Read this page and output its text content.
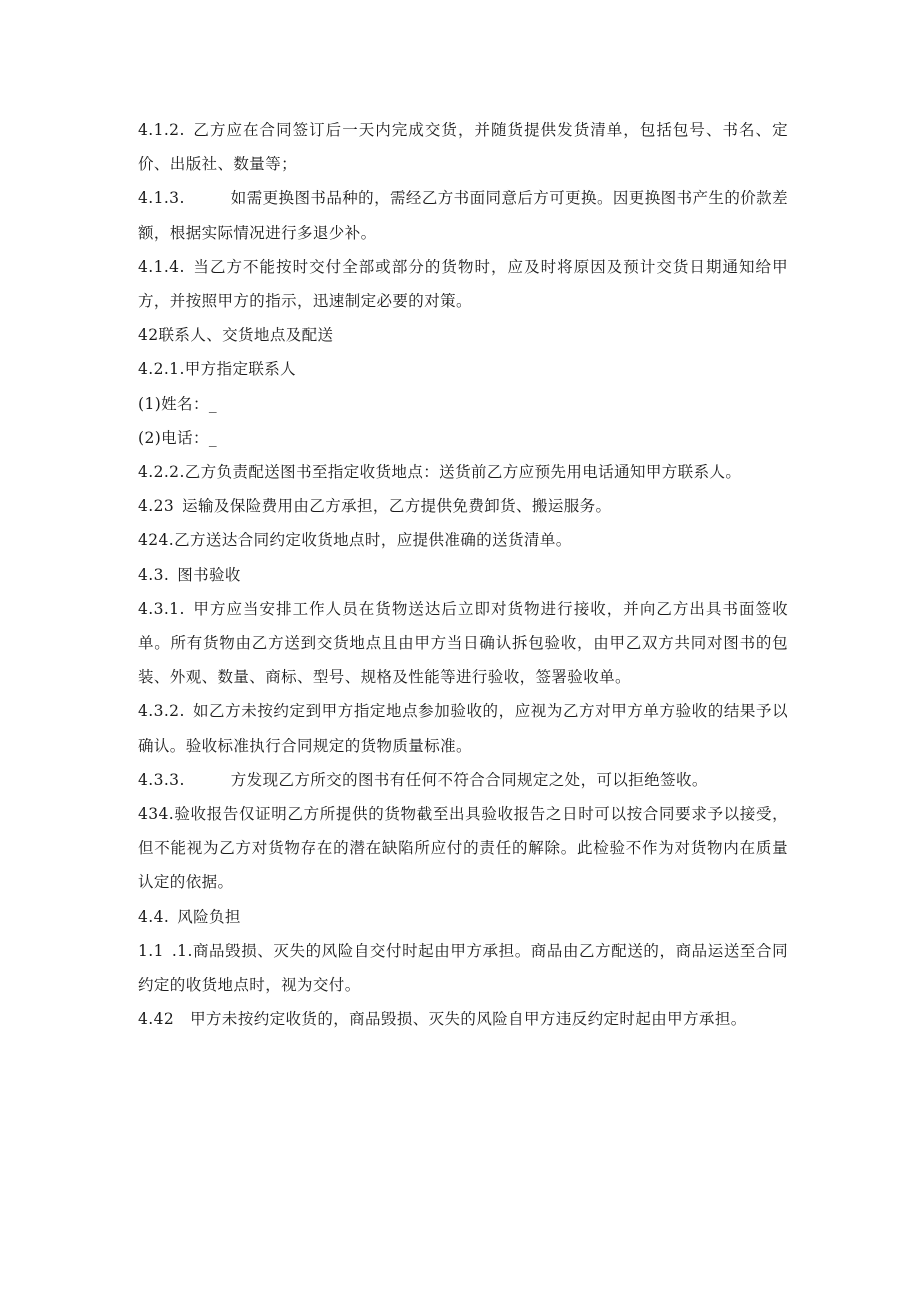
4.1.2. 乙方应在合同签订后一天内完成交货，并随货提供发货清单，包括包号、书名、定价、出版社、数量等；

4.1.3.	如需更换图书品种的，需经乙方书面同意后方可更换。因更换图书产生的价款差额，根据实际情况进行多退少补。

4.1.4. 当乙方不能按时交付全部或部分的货物时，应及时将原因及预计交货日期通知给甲方，并按照甲方的指示，迅速制定必要的对策。

42联系人、交货地点及配送

4.2.1.甲方指定联系人

(1)姓名：_

(2)电话：_

4.2.2.乙方负责配送图书至指定收货地点：送货前乙方应预先用电话通知甲方联系人。

4.23 运输及保险费用由乙方承担，乙方提供免费卸货、搬运服务。

424.乙方送达合同约定收货地点时，应提供准确的送货清单。

4.3. 图书验收

4.3.1. 甲方应当安排工作人员在货物送达后立即对货物进行接收，并向乙方出具书面签收单。所有货物由乙方送到交货地点且由甲方当日确认拆包验收，由甲乙双方共同对图书的包装、外观、数量、商标、型号、规格及性能等进行验收，签署验收单。

4.3.2. 如乙方未按约定到甲方指定地点参加验收的，应视为乙方对甲方单方验收的结果予以确认。验收标准执行合同规定的货物质量标准。

4.3.3.	方发现乙方所交的图书有任何不符合合同规定之处，可以拒绝签收。

434.验收报告仅证明乙方所提供的货物截至出具验收报告之日时可以按合同要求予以接受，但不能视为乙方对货物存在的潜在缺陷所应付的责任的解除。此检验不作为对货物内在质量认定的依据。

4.4. 风险负担

1.1 .1.商品毁损、灭失的风险自交付时起由甲方承担。商品由乙方配送的，商品运送至合同约定的收货地点时，视为交付。

4.42 甲方未按约定收货的，商品毁损、灭失的风险自甲方违反约定时起由甲方承担。
